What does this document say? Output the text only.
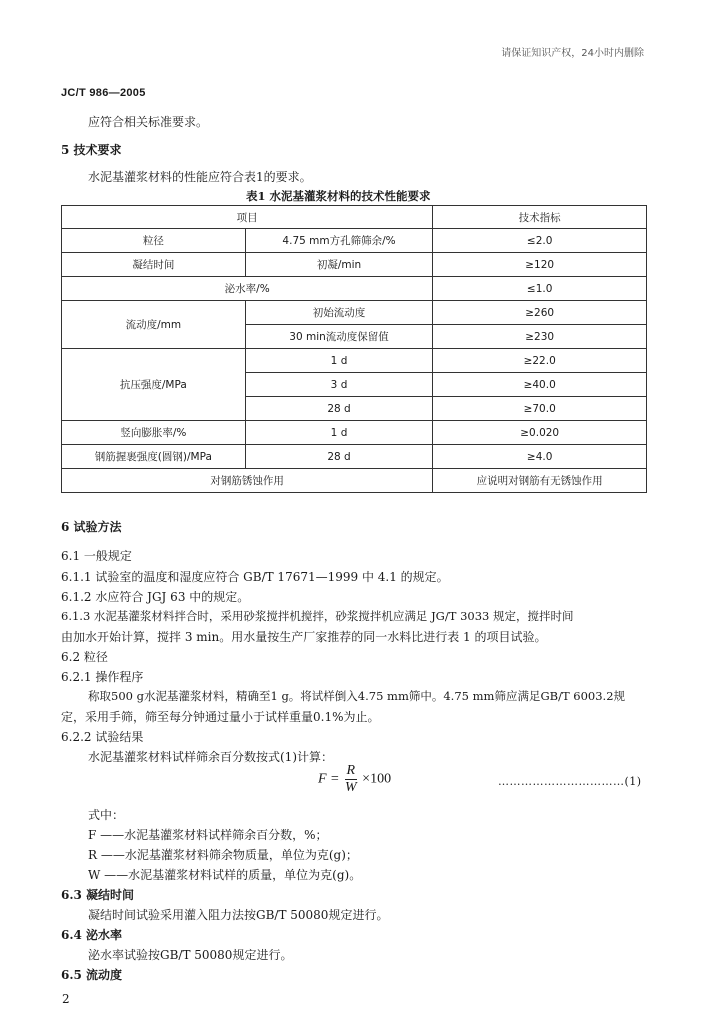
请保证知识产权，24小时内删除
JC/T 986—2005
应符合相关标准要求。
5 技术要求
水泥基灌浆材料的性能应符合表1的要求。
表1 水泥基灌浆材料的技术性能要求
项目		技术指标
粒径	4.75 mm方孔筛筛余/%	≤2.0
凝结时间	初凝/min	≥120
泌水率/%		≤1.0
流动度/mm	初始流动度	≥260
	30 min流动度保留值	≥230
抗压强度/MPa	1 d	≥22.0
	3 d	≥40.0
	28 d	≥70.0
竖向膨胀率/%	1 d	≥0.020
钢筋握裹强度(圆钢)/MPa	28 d	≥4.0
对钢筋锈蚀作用		应说明对钢筋有无锈蚀作用
6 试验方法
6.1 一般规定
6.1.1 试验室的温度和湿度应符合 GB/T 17671—1999 中 4.1 的规定。
6.1.2 水应符合 JGJ 63 中的规定。
6.1.3 水泥基灌浆材料拌合时，采用砂浆搅拌机搅拌，砂浆搅拌机应满足 JG/T 3033 规定，搅拌时间
由加水开始计算，搅拌 3 min。用水量按生产厂家推荐的同一水料比进行表 1 的项目试验。
6.2 粒径
6.2.1 操作程序
称取500 g水泥基灌浆材料，精确至1 g。将试样倒入4.75 mm筛中。4.75 mm筛应满足GB/T 6003.2规
定，采用手筛，筛至每分钟通过量小于试样重量0.1%为止。
6.2.2 试验结果
水泥基灌浆材料试样筛余百分数按式(1)计算：
$F = \frac{R}{W} \times 100$	……………………………(1)
式中：
F ——水泥基灌浆材料试样筛余百分数，%；
R ——水泥基灌浆材料筛余物质量，单位为克(g)；
W ——水泥基灌浆材料试样的质量，单位为克(g)。
6.3 凝结时间
凝结时间试验采用灌入阻力法按GB/T 50080规定进行。
6.4 泌水率
泌水率试验按GB/T 50080规定进行。
6.5 流动度
2
